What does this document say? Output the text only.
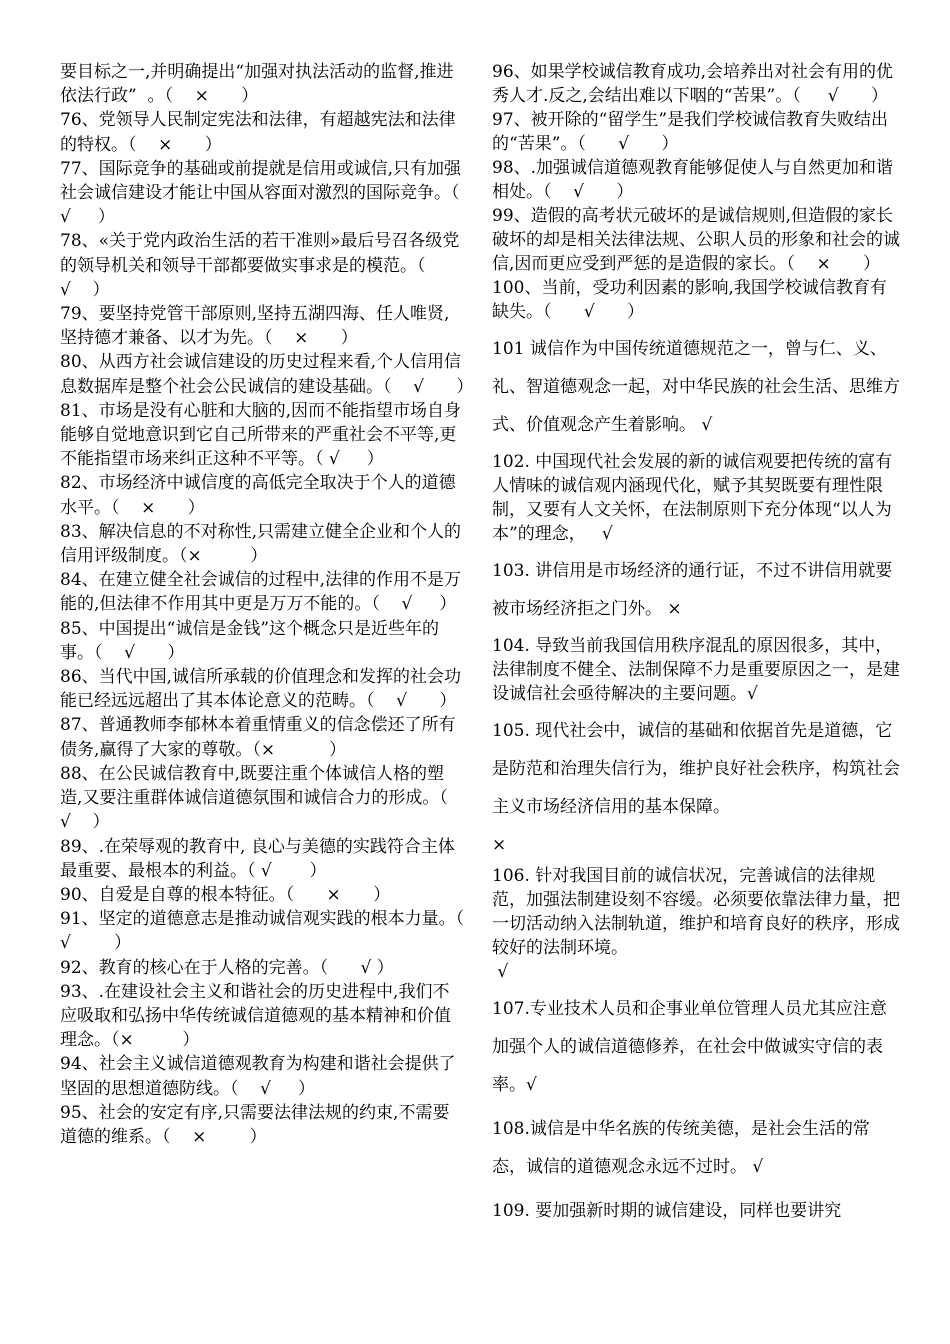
要目标之一,并明确提出“加强对执法活动的监督,推进依法行政”  。（    ×      ）

76、党领导人民制定宪法和法律，有超越宪法和法律的特权。（    ×      ）

77、国际竞争的基础或前提就是信用或诚信,只有加强社会诚信建设才能让中国从容面对激烈的国际竞争。（    √     ）

78、«关于党内政治生活的若干准则»最后号召各级党的领导机关和领导干部都要做实事求是的模范。（      √    ）

79、要坚持党管干部原则,坚持五湖四海、任人唯贤,坚持德才兼备、以才为先。（    ×      ）

80、从西方社会诚信建设的历史过程来看,个人信用信息数据库是整个社会公民诚信的建设基础。（    √      ）

81、市场是没有心脏和大脑的,因而不能指望市场自身能够自觉地意识到它自己所带来的严重社会不平等,更不能指望市场来纠正这种不平等。（ √     ）

82、市场经济中诚信度的高低完全取决于个人的道德水平。（    ×      ）

83、解决信息的不对称性,只需建立健全企业和个人的信用评级制度。（×         ）

84、在建立健全社会诚信的过程中,法律的作用不是万能的,但法律不作用其中更是万万不能的。（    √     ）

85、中国提出“诚信是金钱”这个概念只是近些年的事。（    √      ）

86、当代中国,诚信所承载的价值理念和发挥的社会功能已经远远超出了其本体论意义的范畴。（    √      ）

87、普通教师李郁林本着重情重义的信念偿还了所有债务,赢得了大家的尊敬。（×          ）

88、在公民诚信教育中,既要注重个体诚信人格的塑造,又要注重群体诚信道德氛围和诚信合力的形成。（      √    ）

89、.在荣辱观的教育中, 良心与美德的实践符合主体最重要、最根本的利益。（ √       ）

90、自爱是自尊的根本特征。（      ×      ）

91、坚定的道德意志是推动诚信观实践的根本力量。（ √        ）

92、教育的核心在于人格的完善。（      √ ）

93、.在建设社会主义和谐社会的历史进程中,我们不应吸取和弘扬中华传统诚信道德观的基本精神和价值理念。（×         ）

94、社会主义诚信道德观教育为构建和谐社会提供了坚固的思想道德防线。（    √     ）

95、社会的安定有序,只需要法律法规的约束,不需要道德的维系。（    ×        ）

96、如果学校诚信教育成功,会培养出对社会有用的优秀人才.反之,会结出难以下咽的“苦果”。（     √      ）

97、被开除的“留学生”是我们学校诚信教育失败结出的“苦果”。（      √      ）

98、.加强诚信道德观教育能够促使人与自然更加和谐相处。（    √      ）

99、造假的高考状元破坏的是诚信规则,但造假的家长破坏的却是相关法律法规、公职人员的形象和社会的诚信,因而更应受到严惩的是造假的家长。（    ×      ）

100、当前，受功利因素的影响,我国学校诚信教育有缺失。（      √      ）

101 诚信作为中国传统道德规范之一，曾与仁、义、礼、智道德观念一起，对中华民族的社会生活、思维方式、价值观念产生着影响。 √

102. 中国现代社会发展的新的诚信观要把传统的富有人情味的诚信观内涵现代化，赋予其契既要有理性限制，又要有人文关怀，在法制原则下充分体现“以人为本”的理念，   √

103. 讲信用是市场经济的通行证，不过不讲信用就要被市场经济拒之门外。 ×

104. 导致当前我国信用秩序混乱的原因很多，其中，法律制度不健全、法制保障不力是重要原因之一，是建设诚信社会亟待解决的主要问题。√

105. 现代社会中，诚信的基础和依据首先是道德，它是防范和治理失信行为，维护良好社会秩序，构筑社会主义市场经济信用的基本保障。

×

106. 针对我国目前的诚信状况，完善诚信的法律规范，加强法制建设刻不容缓。必须要依靠法律力量，把一切活动纳入法制轨道，维护和培育良好的秩序，形成较好的法制环境。

√

107.专业技术人员和企事业单位管理人员尤其应注意加强个人的诚信道德修养，在社会中做诚实守信的表率。√

108.诚信是中华名族的传统美德，是社会生活的常态，诚信的道德观念永远不过时。 √

109. 要加强新时期的诚信建设，同样也要讲究
